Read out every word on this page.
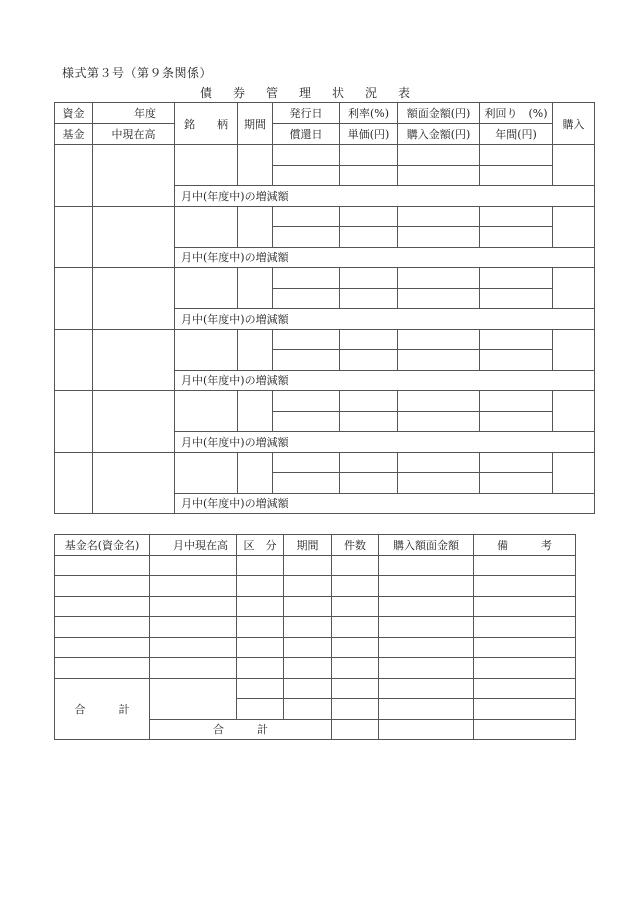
様式第３号（第９条関係）
債	券	管	理	状	況	表
資金	年度	銘　　柄	期間	発行日	利率(%)	額面金額(円)	利回り　(%)	購入
基金	中現在高			償還日	単価(円)	購入金額(円)	年間(円)	

		月中(年度中)の増減額						

		月中(年度中)の増減額						

		月中(年度中)の増減額						

		月中(年度中)の増減額						

		月中(年度中)の増減額						

		月中(年度中)の増減額						
基金名(資金名)	月中現在高	区　分	期間	件数	購入額面金額	備　　　考

合　　　計						

	合　　　計					
